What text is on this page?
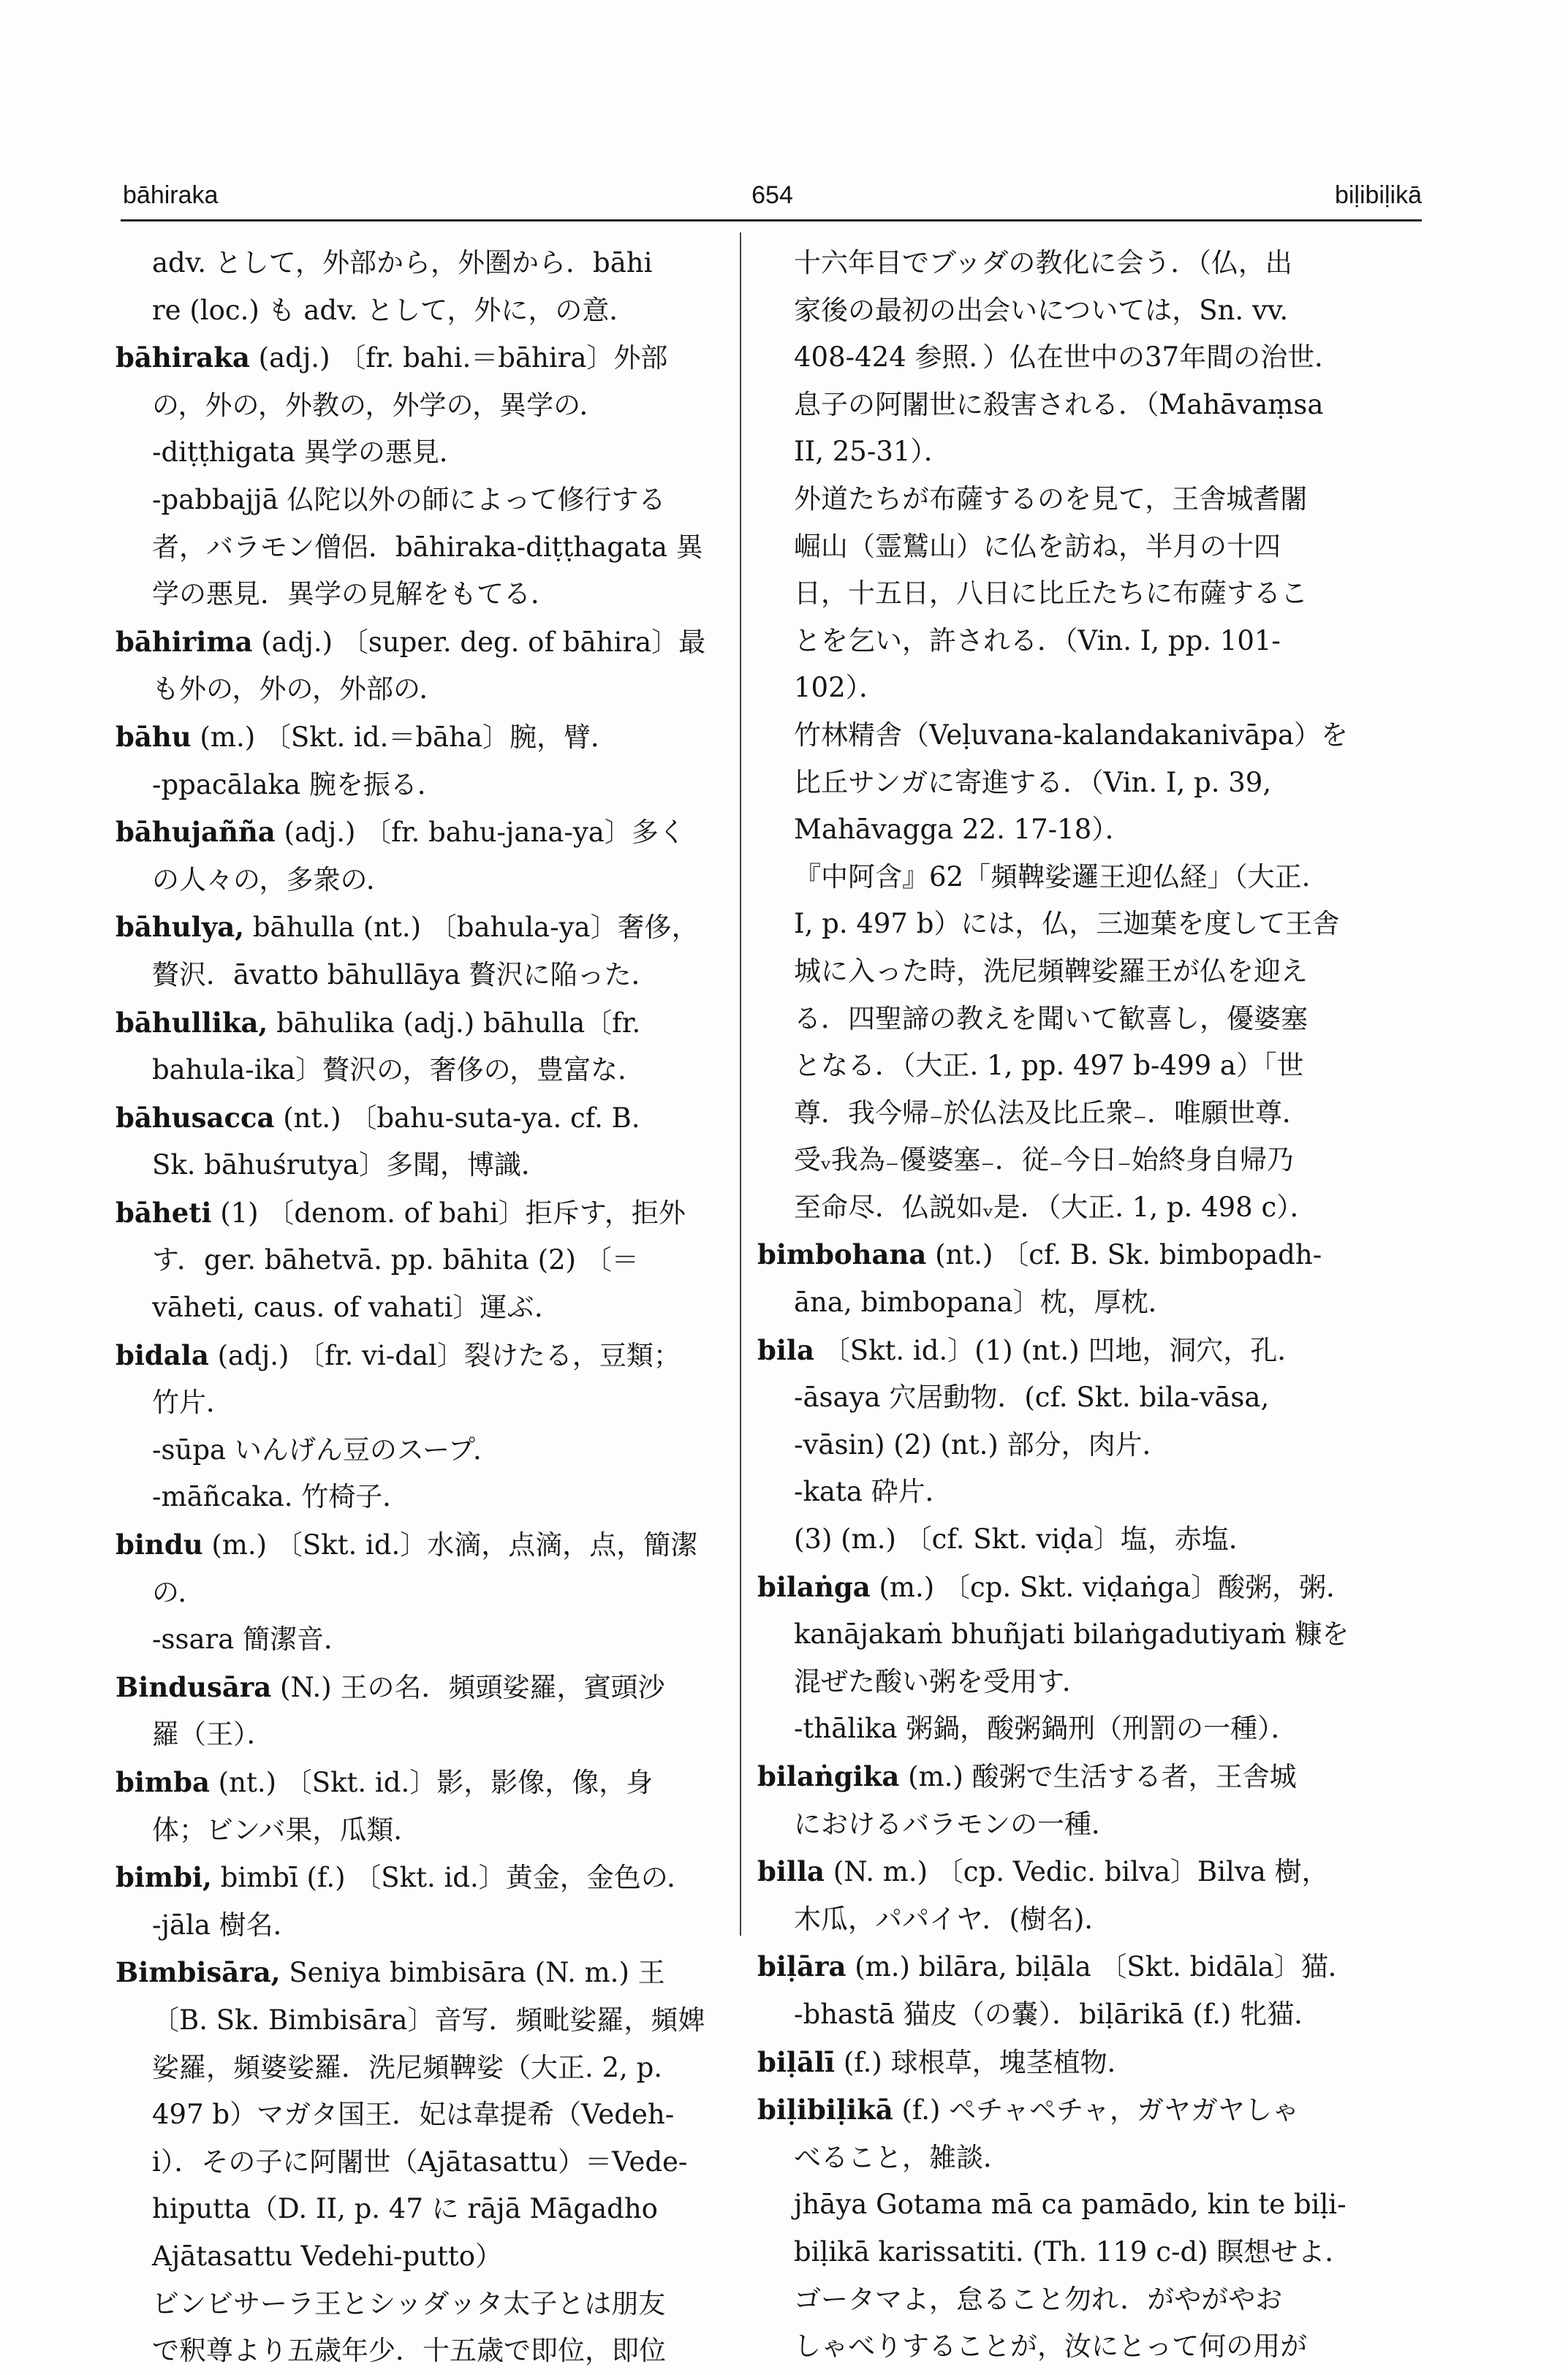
bāhiraka	654	biḷibiḷikā
adv. として，外部から，外圏から．bāhi
re (loc.) も adv. として，外に，の意．
bāhiraka (adj.) 〔fr. bahi.＝bāhira〕外部
の，外の，外教の，外学の，異学の．
-diṭṭhigata 異学の悪見．
-pabbajjā 仏陀以外の師によって修行する
者，バラモン僧侶．bāhiraka-diṭṭhagata 異
学の悪見．異学の見解をもてる．
bāhirima (adj.) 〔super. deg. of bāhira〕最
も外の，外の，外部の．
bāhu (m.) 〔Skt. id.＝bāha〕腕，臂．
-ppacālaka 腕を振る．
bāhujañña (adj.) 〔fr. bahu-jana-ya〕多く
の人々の，多衆の．
bāhulya, bāhulla (nt.) 〔bahula-ya〕奢侈，
贅沢．āvatto bāhullāya 贅沢に陥った．
bāhullika, bāhulika (adj.) bāhulla〔fr.
bahula-ika〕贅沢の，奢侈の，豊富な．
bāhusacca (nt.) 〔bahu-suta-ya. cf. B.
Sk. bāhuśrutya〕多聞，博識．
bāheti (1) 〔denom. of bahi〕拒斥す，拒外
す．ger. bāhetvā. pp. bāhita (2) 〔＝
vāheti, caus. of vahati〕運ぶ．
bidala (adj.) 〔fr. vi-dal〕裂けたる，豆類；
竹片．
-sūpa いんげん豆のスープ．
-māñcaka. 竹椅子．
bindu (m.) 〔Skt. id.〕水滴，点滴，点，簡潔
の．
-ssara 簡潔音．
Bindusāra (N.) 王の名．頻頭娑羅，賓頭沙
羅（王）．
bimba (nt.) 〔Skt. id.〕影，影像，像，身
体；ビンバ果，瓜類．
bimbi, bimbī (f.) 〔Skt. id.〕黄金，金色の．
-jāla 樹名．
Bimbisāra, Seniya bimbisāra (N. m.) 王
〔B. Sk. Bimbisāra〕音写．頻毗娑羅，頻婢
娑羅，頻婆娑羅．洗尼頻鞞娑（大正. 2, p.
497 b）マガタ国王．妃は韋提希（Vedeh-
i）．その子に阿闍世（Ajātasattu）＝Vede-
hiputta（D. II, p. 47 に rājā Māgadho
Ajātasattu Vedehi-putto）
ビンビサーラ王とシッダッタ太子とは朋友
で釈尊より五歳年少．十五歳で即位，即位
十六年目でブッダの教化に会う．（仏，出
家後の最初の出会いについては，Sn. vv.
408-424 参照．）仏在世中の37年間の治世．
息子の阿闍世に殺害される．（Mahāvaṃsa
II, 25-31）．
外道たちが布薩するのを見て，王舎城耆闍
崛山（霊鷲山）に仏を訪ね，半月の十四
日，十五日，八日に比丘たちに布薩するこ
とを乞い，許される．（Vin. I, pp. 101-
102）．
竹林精舎（Veḷuvana-kalandakanivāpa）を
比丘サンガに寄進する．（Vin. I, p. 39,
Mahāvagga 22. 17-18）．
『中阿含』62「頻鞞娑邏王迎仏経」（大正.
I, p. 497 b）には，仏，三迦葉を度して王舎
城に入った時，洗尼頻鞞娑羅王が仏を迎え
る．四聖諦の教えを聞いて歓喜し，優婆塞
となる．（大正. 1, pp. 497 b-499 a）「世
尊．我今帰₋於仏法及比丘衆₋．唯願世尊．
受ᵥ我為₋優婆塞₋．従₋今日₋始終身自帰乃
至命尽．仏説如ᵥ是．（大正. 1, p. 498 c）．
bimbohana (nt.) 〔cf. B. Sk. bimbopadh-
āna, bimbopana〕枕，厚枕．
bila 〔Skt. id.〕(1) (nt.) 凹地，洞穴，孔．
-āsaya 穴居動物．(cf. Skt. bila-vāsa,
-vāsin) (2) (nt.) 部分，肉片．
-kata 砕片．
(3) (m.) 〔cf. Skt. viḍa〕塩，赤塩．
bilaṅga (m.) 〔cp. Skt. viḍaṅga〕酸粥，粥．
kanājakaṁ bhuñjati bilaṅgadutiyaṁ 糠を
混ぜた酸い粥を受用す．
-thālika 粥鍋，酸粥鍋刑（刑罰の一種）．
bilaṅgika (m.) 酸粥で生活する者，王舎城
におけるバラモンの一種．
billa (N. m.) 〔cp. Vedic. bilva〕Bilva 樹，
木瓜，パパイヤ．(樹名)．
biḷāra (m.) bilāra, biḷāla 〔Skt. bidāla〕猫．
-bhastā 猫皮（の嚢）．biḷārikā (f.) 牝猫．
biḷālī (f.) 球根草，塊茎植物．
biḷibiḷikā (f.) ペチャペチャ，ガヤガヤしゃ
べること，雑談．
jhāya Gotama mā ca pamādo, kin te biḷi-
biḷikā karissatiti. (Th. 119 c-d) 瞑想せよ．
ゴータマよ，怠ること勿れ．がやがやお
しゃべりすることが，汝にとって何の用が
